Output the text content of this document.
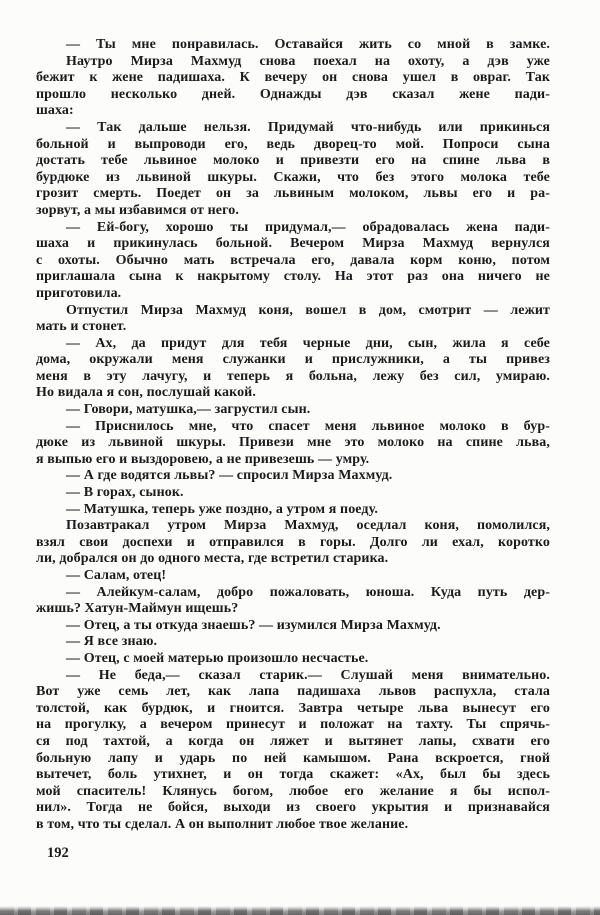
— Ты мне понравилась. Оставайся жить со мной в замке.
Наутро Мирза Махмуд снова поехал на охоту, а дэв уже
бежит к жене падишаха. К вечеру он снова ушел в овраг. Так
прошло несколько дней. Однажды дэв сказал жене пади-
шаха:
— Так дальше нельзя. Придумай что-нибудь или прикинься
больной и выпроводи его, ведь дворец-то мой. Попроси сына
достать тебе львиное молоко и привезти его на спине льва в
бурдюке из львиной шкуры. Скажи, что без этого молока тебе
грозит смерть. Поедет он за львиным молоком, львы его и ра-
зорвут, а мы избавимся от него.
— Ей-богу, хорошо ты придумал,— обрадовалась жена пади-
шаха и прикинулась больной. Вечером Мирза Махмуд вернулся
с охоты. Обычно мать встречала его, давала корм коню, потом
приглашала сына к накрытому столу. На этот раз она ничего не
приготовила.
Отпустил Мирза Махмуд коня, вошел в дом, смотрит — лежит
мать и стонет.
— Ах, да придут для тебя черные дни, сын, жила я себе
дома, окружали меня служанки и прислужники, а ты привез
меня в эту лачугу, и теперь я больна, лежу без сил, умираю.
Но видала я сон, послушай какой.
— Говори, матушка,— загрустил сын.
— Приснилось мне, что спасет меня львиное молоко в бур-
дюке из львиной шкуры. Привези мне это молоко на спине льва,
я выпью его и выздоровею, а не привезешь — умру.
— А где водятся львы? — спросил Мирза Махмуд.
— В горах, сынок.
— Матушка, теперь уже поздно, а утром я поеду.
Позавтракал утром Мирза Махмуд, оседлал коня, помолился,
взял свои доспехи и отправился в горы. Долго ли ехал, коротко
ли, добрался он до одного места, где встретил старика.
— Салам, отец!
— Алейкум-салам, добро пожаловать, юноша. Куда путь дер-
жишь? Хатун-Маймун ищешь?
— Отец, а ты откуда знаешь? — изумился Мирза Махмуд.
— Я все знаю.
— Отец, с моей матерью произошло несчастье.
— Не беда,— сказал старик.— Слушай меня внимательно.
Вот уже семь лет, как лапа падишаха львов распухла, стала
толстой, как бурдюк, и гноится. Завтра четыре льва вынесут его
на прогулку, а вечером принесут и положат на тахту. Ты спрячь-
ся под тахтой, а когда он ляжет и вытянет лапы, схвати его
больную лапу и ударь по ней камышом. Рана вскроется, гной
вытечет, боль утихнет, и он тогда скажет: «Ах, был бы здесь
мой спаситель! Клянусь богом, любое его желание я бы испол-
нил». Тогда не бойся, выходи из своего укрытия и признавайся
в том, что ты сделал. А он выполнит любое твое желание.
192
